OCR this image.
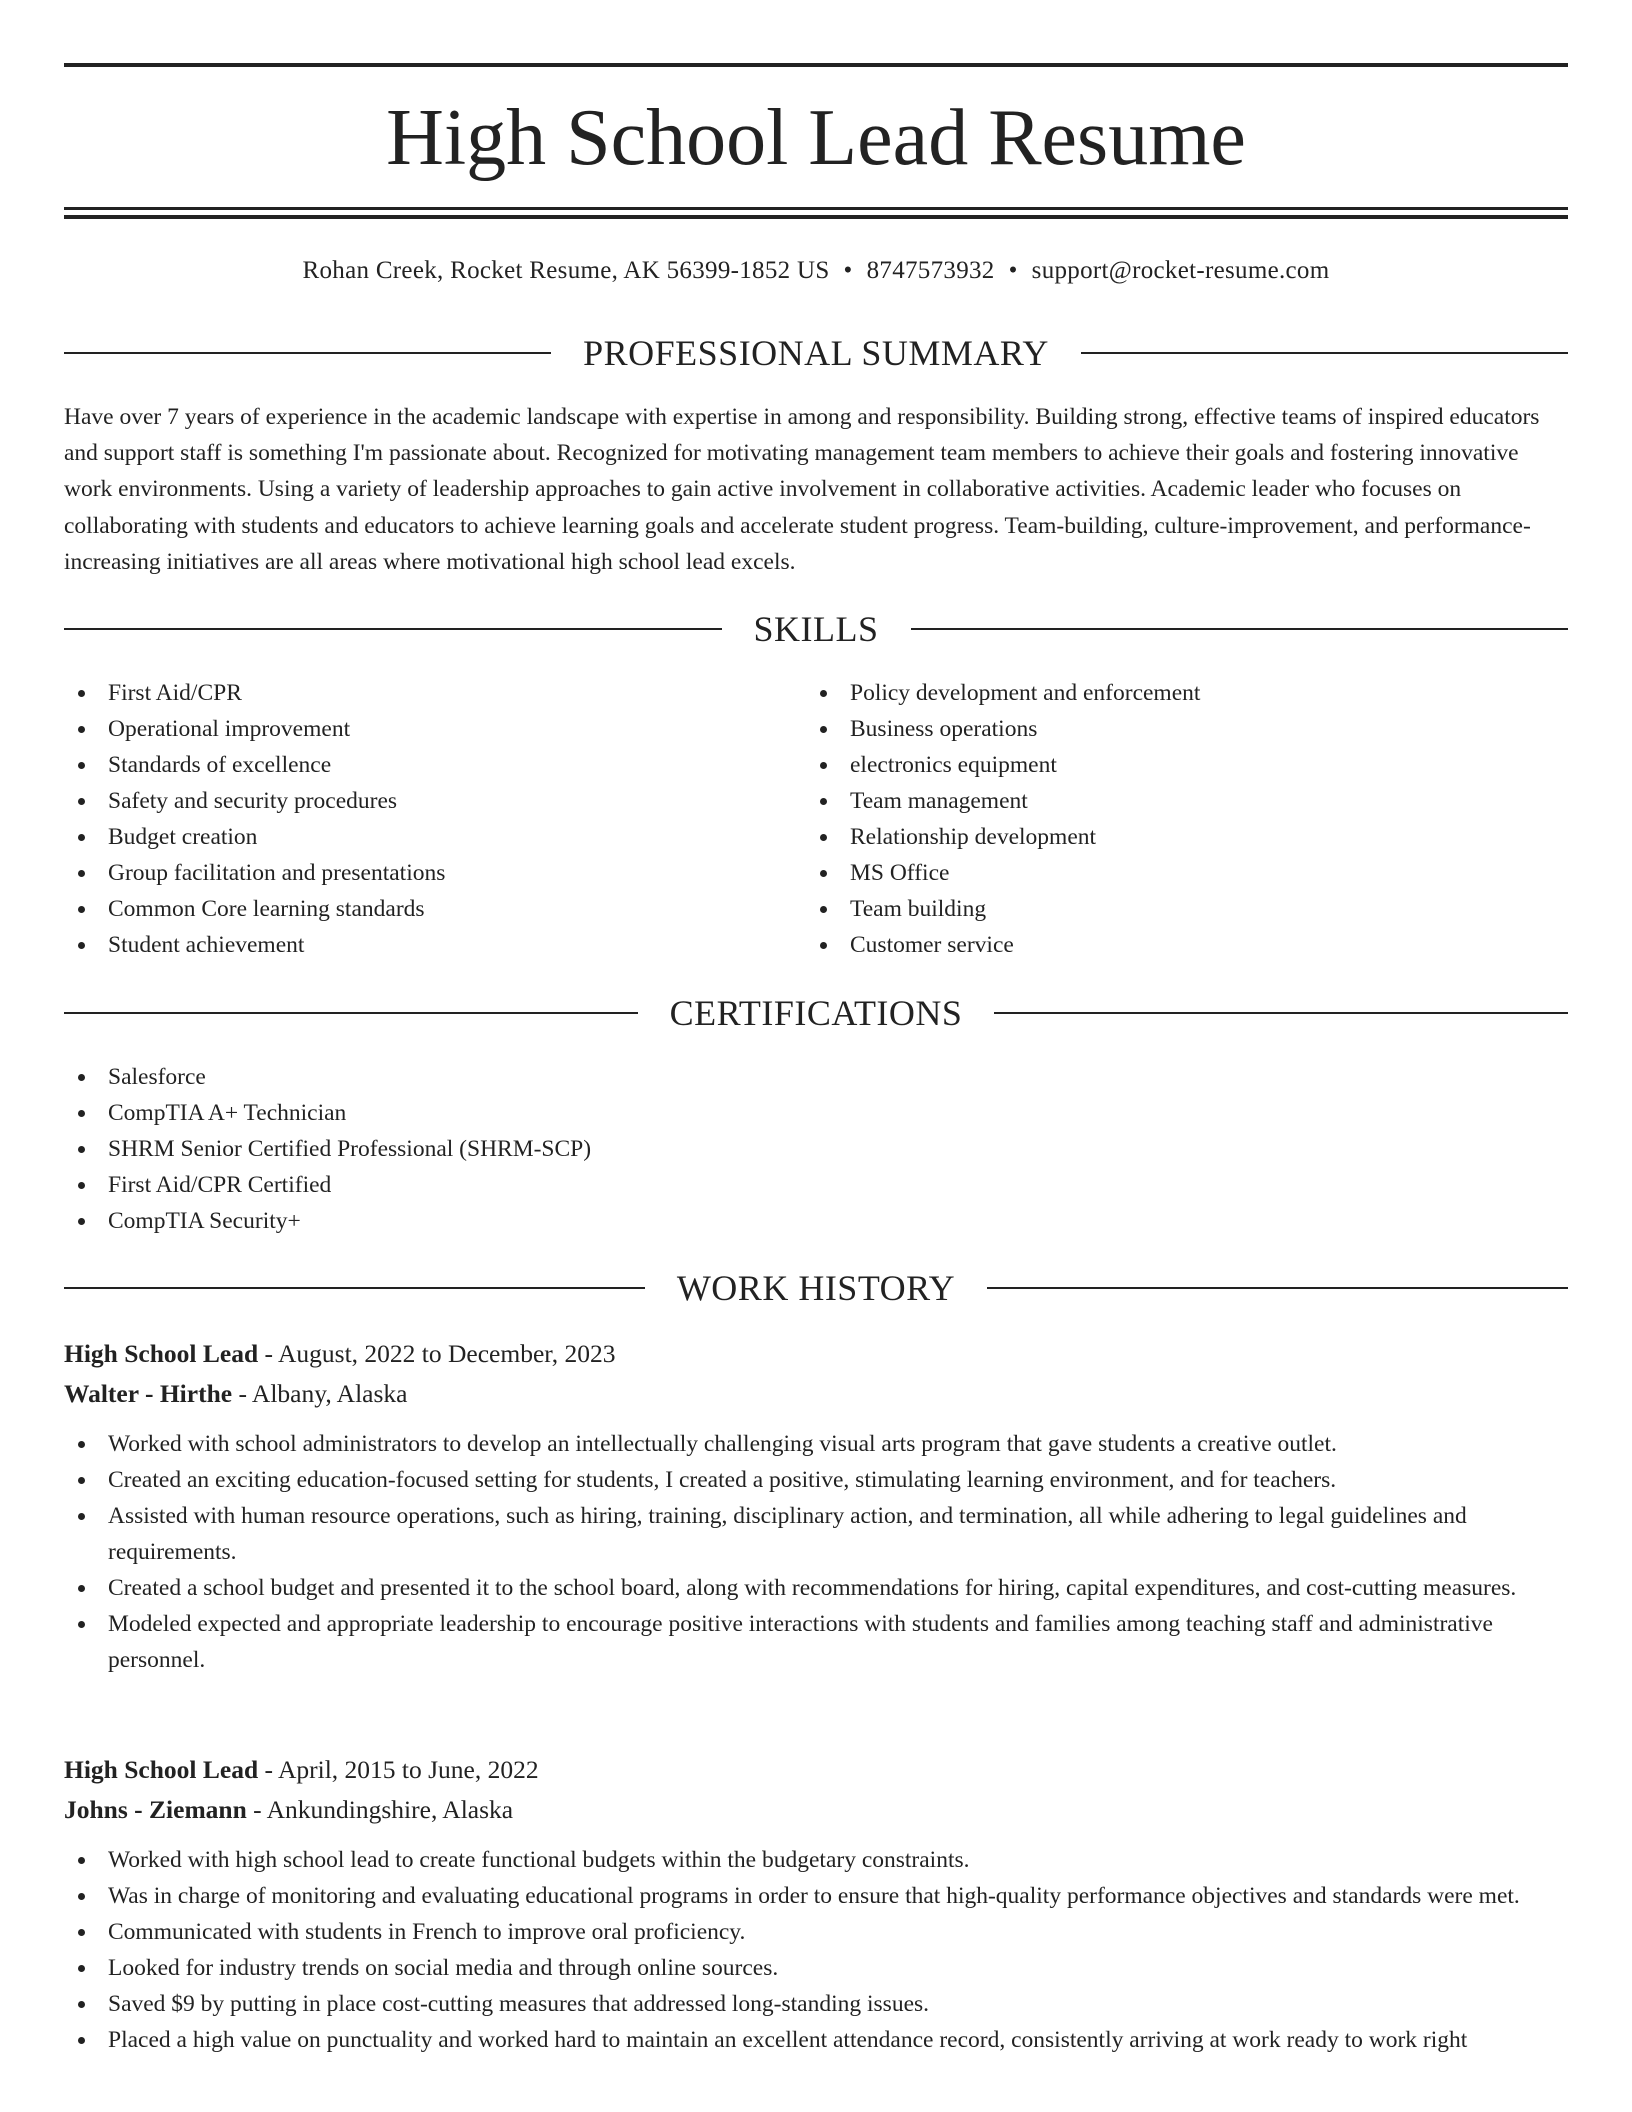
High School Lead Resume
Rohan Creek, Rocket Resume, AK 56399-1852 US • 8747573932 • support@rocket-resume.com
PROFESSIONAL SUMMARY

Have over 7 years of experience in the academic landscape with expertise in among and responsibility. Building strong, effective teams of inspired educators and support staff is something I'm passionate about. Recognized for motivating management team members to achieve their goals and fostering innovative work environments. Using a variety of leadership approaches to gain active involvement in collaborative activities. Academic leader who focuses on collaborating with students and educators to achieve learning goals and accelerate student progress. Team-building, culture-improvement, and performance-increasing initiatives are all areas where motivational high school lead excels.

SKILLS
First Aid/CPR
Operational improvement
Standards of excellence
Safety and security procedures
Budget creation
Group facilitation and presentations
Common Core learning standards
Student achievement
Policy development and enforcement
Business operations
electronics equipment
Team management
Relationship development
MS Office
Team building
Customer service
CERTIFICATIONS
Salesforce
CompTIA A+ Technician
SHRM Senior Certified Professional (SHRM-SCP)
First Aid/CPR Certified
CompTIA Security+
WORK HISTORY
High School Lead - August, 2022 to December, 2023
Walter - Hirthe - Albany, Alaska
Worked with school administrators to develop an intellectually challenging visual arts program that gave students a creative outlet.
Created an exciting education-focused setting for students, I created a positive, stimulating learning environment, and for teachers.
Assisted with human resource operations, such as hiring, training, disciplinary action, and termination, all while adhering to legal guidelines and requirements.
Created a school budget and presented it to the school board, along with recommendations for hiring, capital expenditures, and cost-cutting measures.
Modeled expected and appropriate leadership to encourage positive interactions with students and families among teaching staff and administrative personnel.
High School Lead - April, 2015 to June, 2022
Johns - Ziemann - Ankundingshire, Alaska
Worked with high school lead to create functional budgets within the budgetary constraints.
Was in charge of monitoring and evaluating educational programs in order to ensure that high-quality performance objectives and standards were met.
Communicated with students in French to improve oral proficiency.
Looked for industry trends on social media and through online sources.
Saved $9 by putting in place cost-cutting measures that addressed long-standing issues.
Placed a high value on punctuality and worked hard to maintain an excellent attendance record, consistently arriving at work ready to work right
